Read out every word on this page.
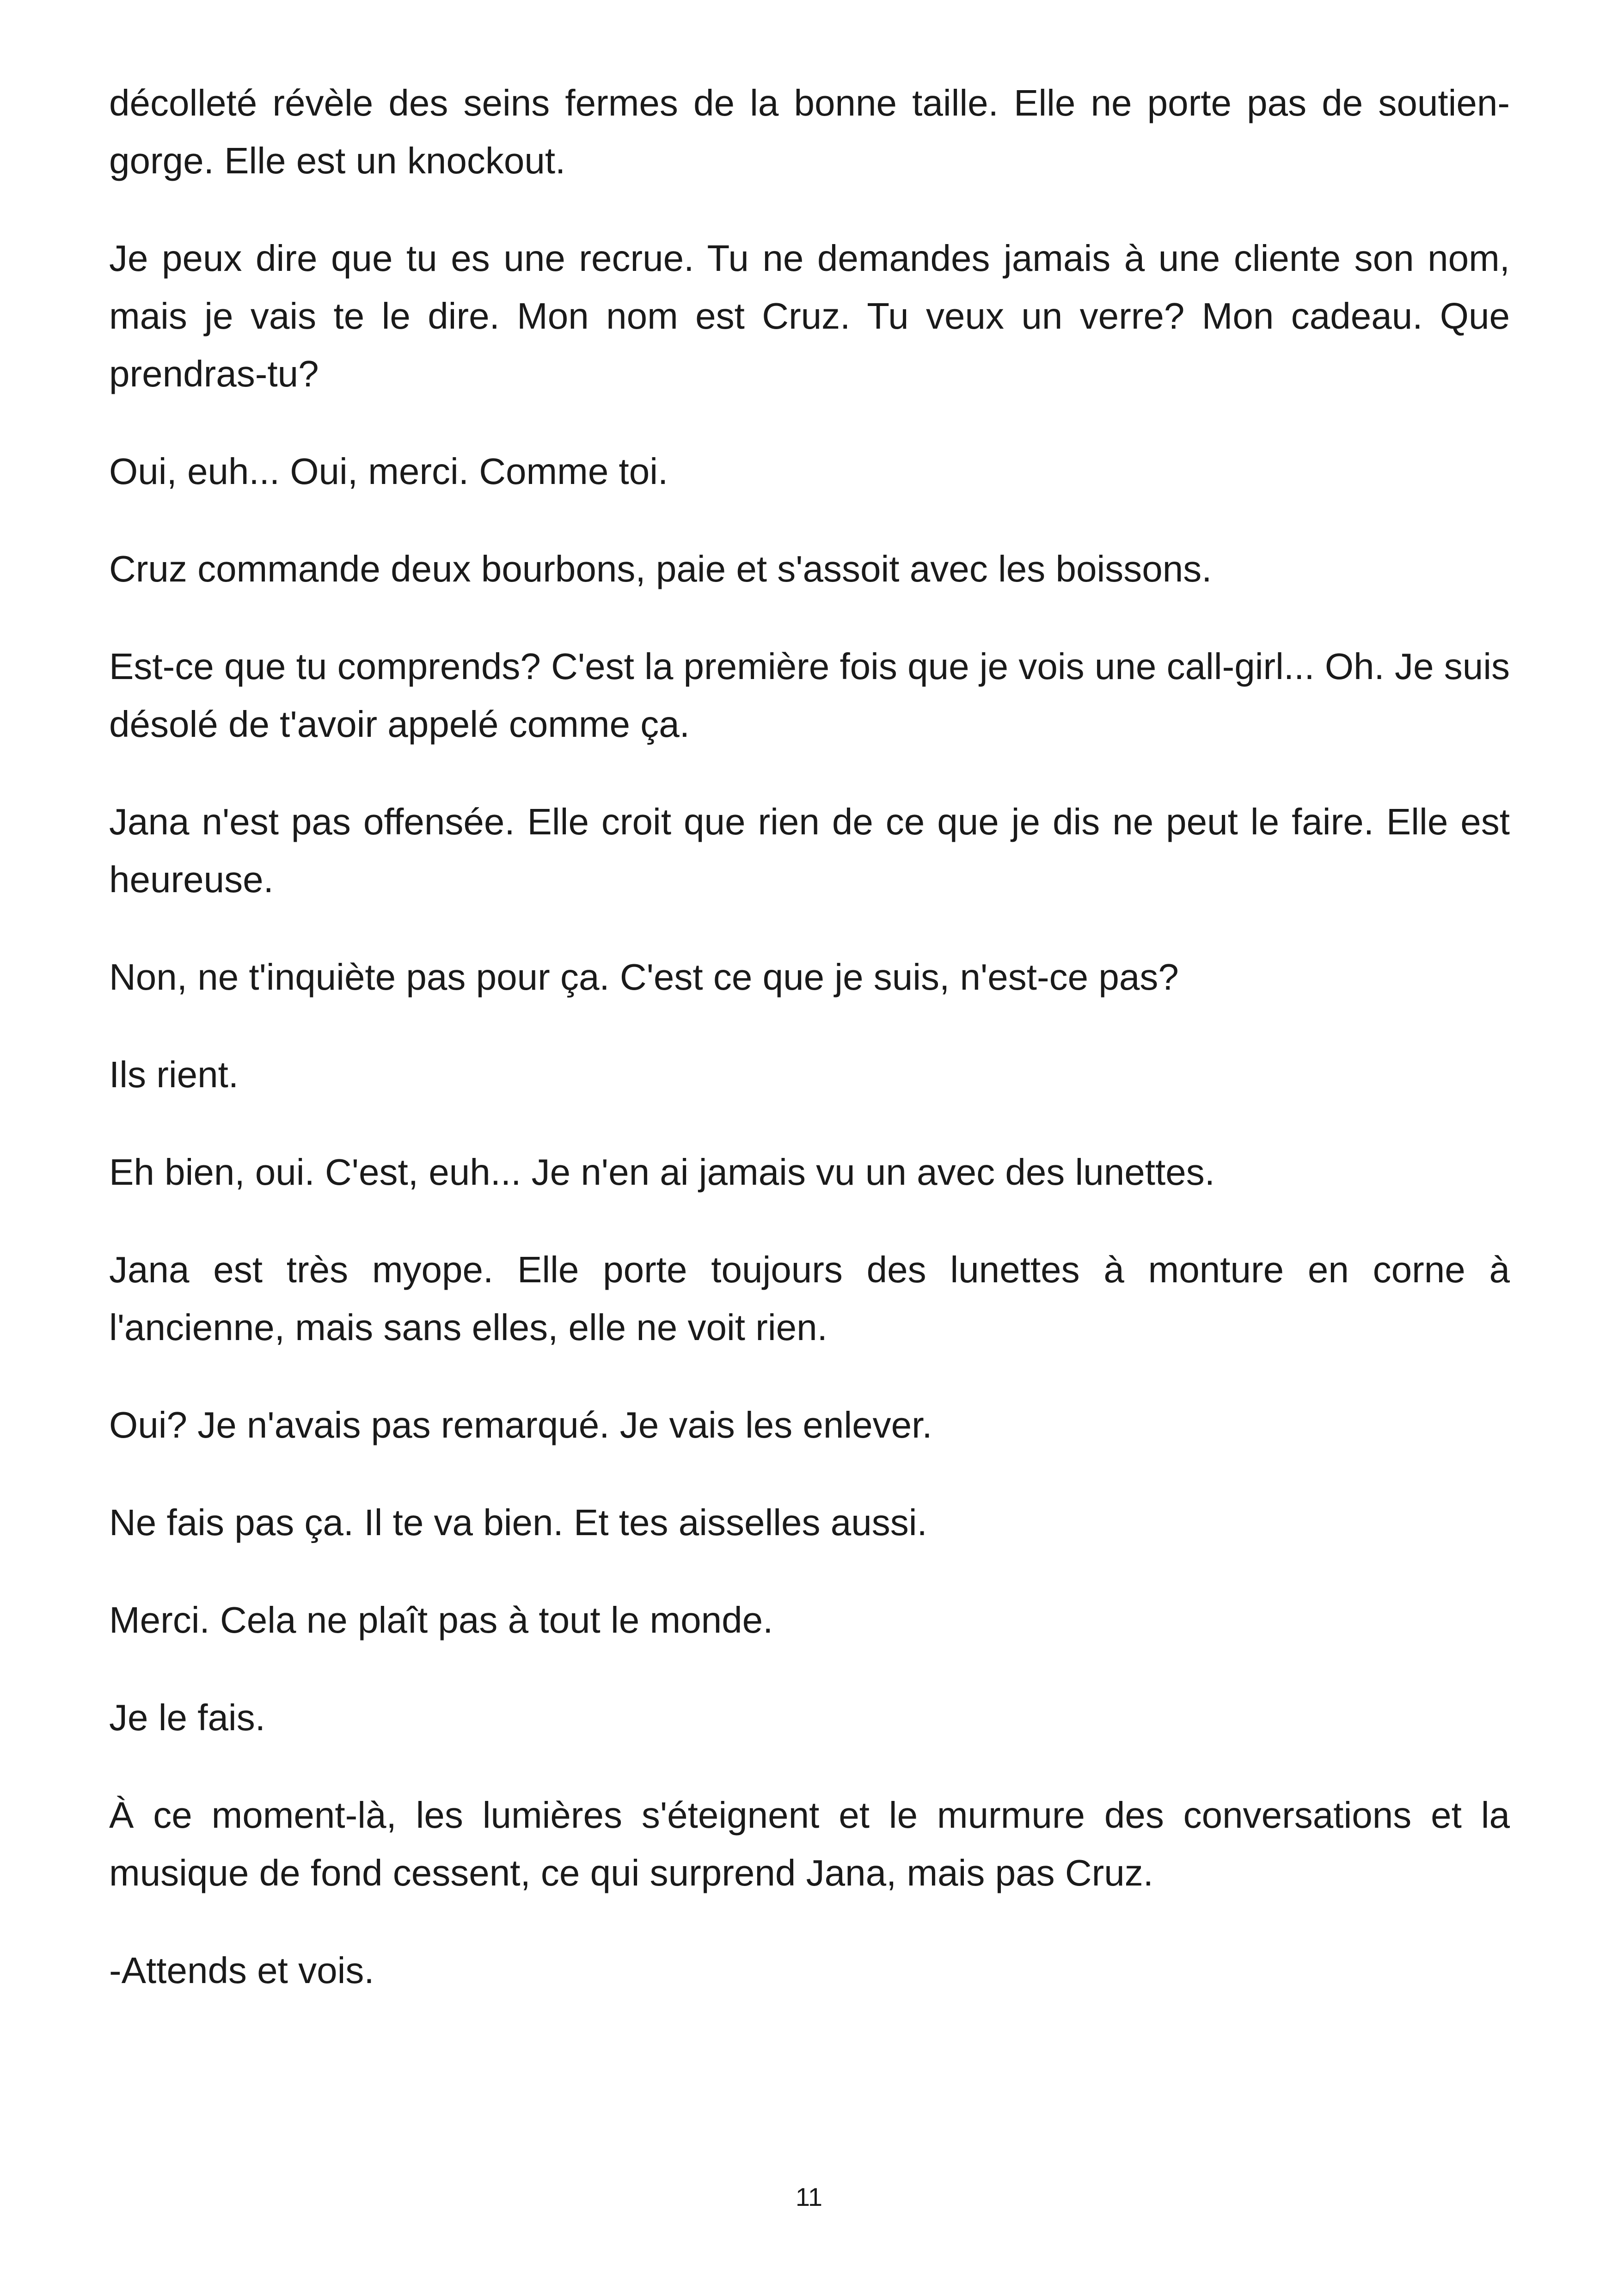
décolleté révèle des seins fermes de la bonne taille. Elle ne porte pas de soutien-gorge. Elle est un knockout.

Je peux dire que tu es une recrue. Tu ne demandes jamais à une cliente son nom, mais je vais te le dire. Mon nom est Cruz. Tu veux un verre? Mon cadeau. Que prendras-tu?

Oui, euh... Oui, merci. Comme toi.

Cruz commande deux bourbons, paie et s'assoit avec les boissons.

Est-ce que tu comprends? C'est la première fois que je vois une call-girl... Oh. Je suis désolé de t'avoir appelé comme ça.

Jana n'est pas offensée. Elle croit que rien de ce que je dis ne peut le faire. Elle est heureuse.

Non, ne t'inquiète pas pour ça. C'est ce que je suis, n'est-ce pas?

Ils rient.

Eh bien, oui. C'est, euh... Je n'en ai jamais vu un avec des lunettes.

Jana est très myope. Elle porte toujours des lunettes à monture en corne à l'ancienne, mais sans elles, elle ne voit rien.

Oui? Je n'avais pas remarqué. Je vais les enlever.

Ne fais pas ça. Il te va bien. Et tes aisselles aussi.

Merci. Cela ne plaît pas à tout le monde.

Je le fais.

À ce moment-là, les lumières s'éteignent et le murmure des conversations et la musique de fond cessent, ce qui surprend Jana, mais pas Cruz.

-Attends et vois.

11
